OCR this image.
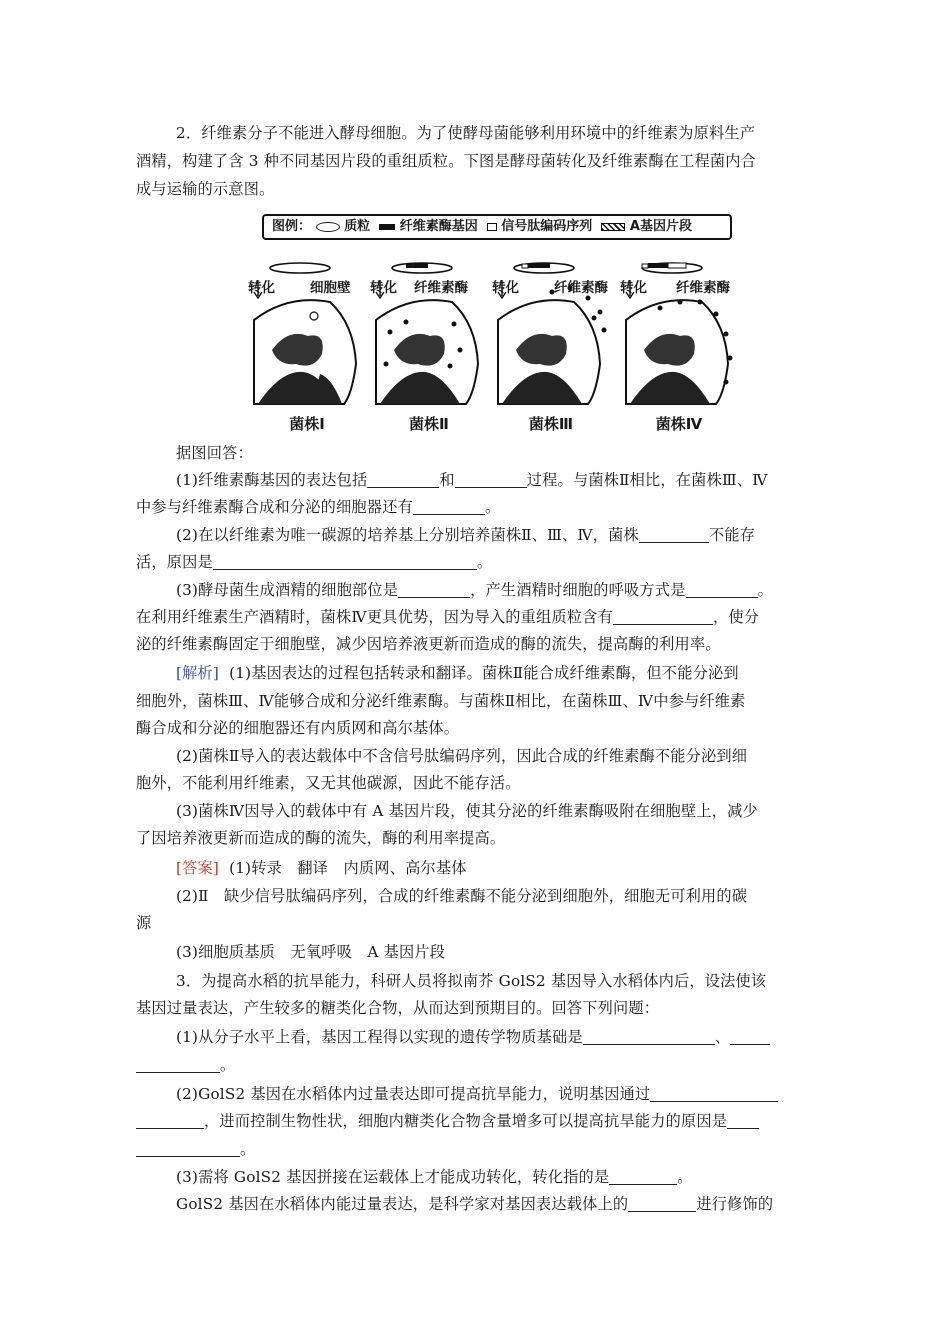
2．纤维素分子不能进入酵母细胞。为了使酵母菌能够利用环境中的纤维素为原料生产
酒精，构建了含 3 种不同基因片段的重组质粒。下图是酵母菌转化及纤维素酶在工程菌内合
成与运输的示意图。
图例：	质粒 纤维素酶基因 信号肽编码序列	A基因片段
转化	细胞壁
菌株Ⅰ
转化 纤维素酶
菌株Ⅱ
转化	纤维素酶
菌株Ⅲ
转化 纤维素酶
菌株Ⅳ
据图回答：
(1)纤维素酶基因的表达包括	和	过程。与菌株Ⅱ相比，在菌株Ⅲ、Ⅳ
中参与纤维素酶合成和分泌的细胞器还有	。
(2)在以纤维素为唯一碳源的培养基上分别培养菌株Ⅱ、Ⅲ、Ⅳ，菌株	不能存
活，原因是	。
(3)酵母菌生成酒精的细胞部位是	，产生酒精时细胞的呼吸方式是	。
在利用纤维素生产酒精时，菌株Ⅳ更具优势，因为导入的重组质粒含有	，使分
泌的纤维素酶固定于细胞壁，减少因培养液更新而造成的酶的流失，提高酶的利用率。
[解析] (1)基因表达的过程包括转录和翻译。菌株Ⅱ能合成纤维素酶，但不能分泌到
细胞外，菌株Ⅲ、Ⅳ能够合成和分泌纤维素酶。与菌株Ⅱ相比，在菌株Ⅲ、Ⅳ中参与纤维素
酶合成和分泌的细胞器还有内质网和高尔基体。
(2)菌株Ⅱ导入的表达载体中不含信号肽编码序列，因此合成的纤维素酶不能分泌到细
胞外，不能利用纤维素，又无其他碳源，因此不能存活。
(3)菌株Ⅳ因导入的载体中有 A 基因片段，使其分泌的纤维素酶吸附在细胞壁上，减少
了因培养液更新而造成的酶的流失，酶的利用率提高。
[答案] (1)转录　翻译　内质网、高尔基体
(2)Ⅱ　缺少信号肽编码序列，合成的纤维素酶不能分泌到细胞外，细胞无可利用的碳
源
(3)细胞质基质　无氧呼吸　A 基因片段
3．为提高水稻的抗旱能力，科研人员将拟南芥 GolS2 基因导入水稻体内后，设法使该
基因过量表达，产生较多的糖类化合物，从而达到预期目的。回答下列问题：
(1)从分子水平上看，基因工程得以实现的遗传学物质基础是	、
。
(2)GolS2 基因在水稻体内过量表达即可提高抗旱能力，说明基因通过
，进而控制生物性状，细胞内糖类化合物含量增多可以提高抗旱能力的原因是
。
(3)需将 GolS2 基因拼接在运载体上才能成功转化，转化指的是	。
GolS2 基因在水稻体内能过量表达，是科学家对基因表达载体上的	进行修饰的
